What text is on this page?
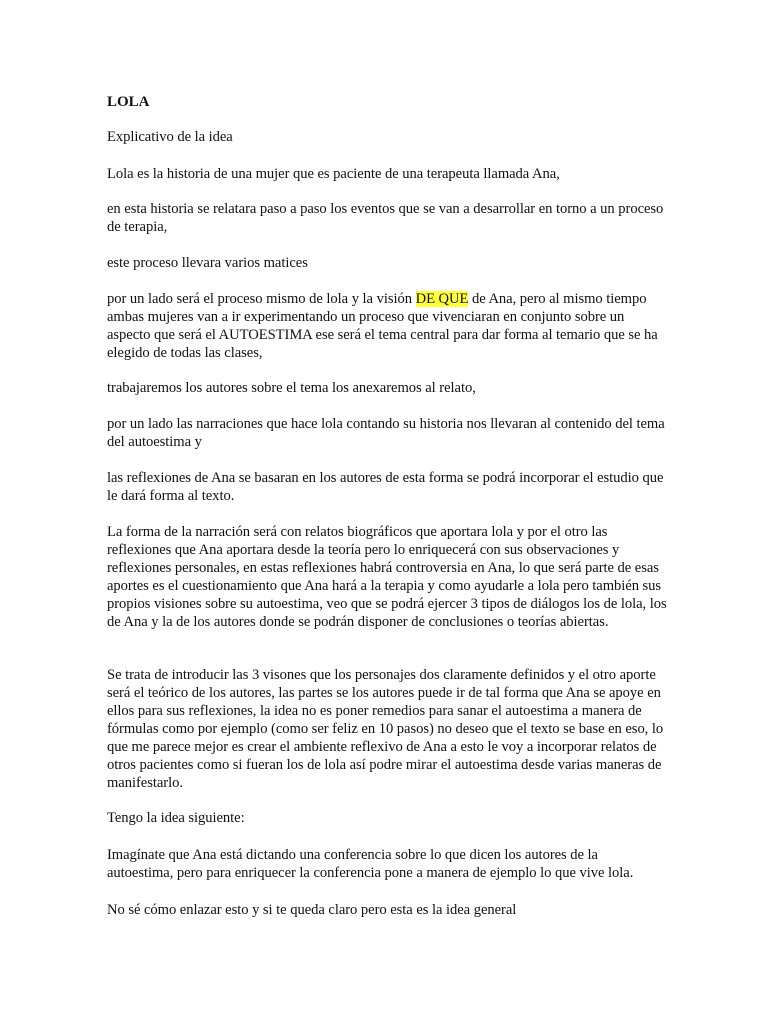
LOLA

Explicativo de la idea

Lola es la historia de una mujer que es paciente de una terapeuta llamada Ana,

en esta historia se relatara paso a paso los eventos que se van a desarrollar en torno a un proceso de terapia,

este proceso llevara varios matices

por un lado será el proceso mismo de lola y la visión DE QUE de Ana, pero al mismo tiempo ambas mujeres van a ir experimentando un proceso que vivenciaran en conjunto sobre un aspecto que será el AUTOESTIMA ese será el tema central para dar forma al temario que se ha elegido de todas las clases,

trabajaremos los autores sobre el tema los anexaremos al relato,

por un lado las narraciones que hace lola contando su historia nos llevaran al contenido del tema del autoestima y

las reflexiones de Ana se basaran en los autores de esta forma se podrá incorporar el estudio que le dará forma al texto.

La forma de la narración será con relatos biográficos que aportara lola y por el otro las reflexiones que Ana aportara desde la teoría pero lo enriquecerá con sus observaciones y reflexiones personales, en estas reflexiones habrá controversia en Ana, lo que será parte de esas aportes es el cuestionamiento que Ana hará a la terapia y como ayudarle a lola pero también sus propios visiones sobre su autoestima, veo que se podrá ejercer 3 tipos de diálogos los de lola, los de Ana y la de los autores donde se podrán disponer de conclusiones o teorías abiertas.

Se trata de introducir las 3 visones que los personajes dos claramente definidos y el otro aporte será el teórico de los autores, las partes se los autores puede ir de tal forma que Ana se apoye en ellos para sus reflexiones, la idea no es poner remedios para sanar el autoestima a manera de fórmulas como por ejemplo (como ser feliz en 10 pasos) no deseo que el texto se base en eso, lo que me parece mejor es crear el ambiente reflexivo de Ana a esto le voy a incorporar relatos de otros pacientes como si fueran los de lola así podre mirar el autoestima desde varias maneras de manifestarlo.

Tengo la idea siguiente:

Imagínate que Ana está dictando una conferencia sobre lo que dicen los autores de la autoestima, pero para enriquecer la conferencia pone a manera de ejemplo lo que vive lola.

No sé cómo enlazar esto y si te queda claro pero esta es la idea general
